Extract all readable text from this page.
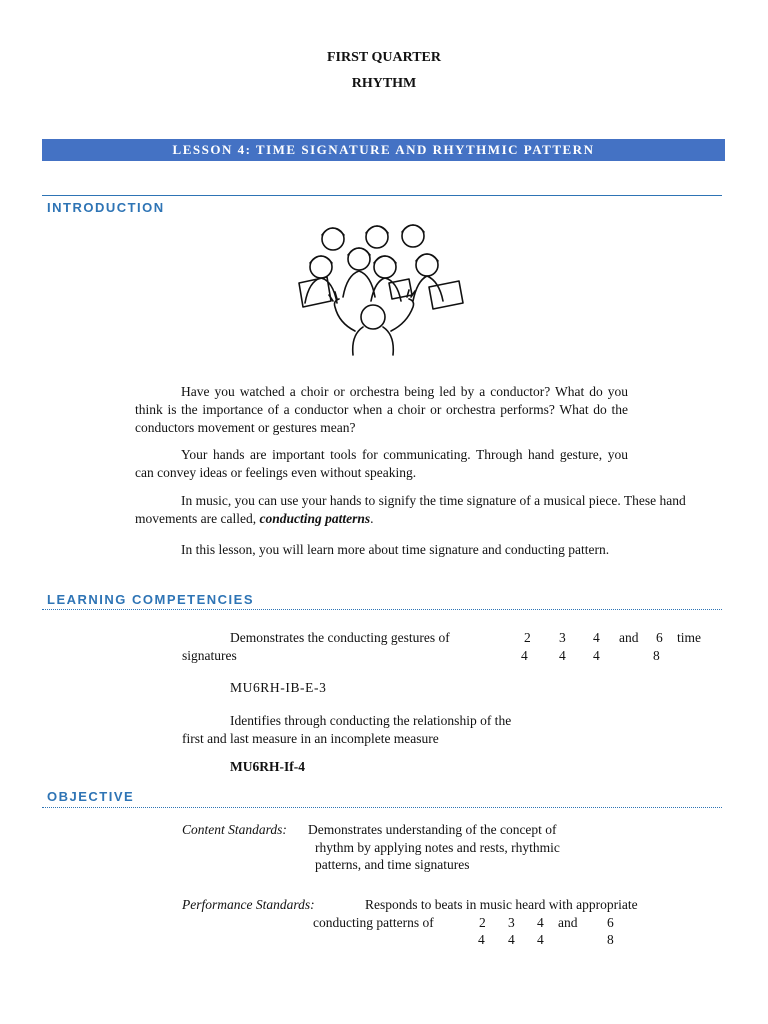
FIRST QUARTER
RHYTHM
LESSON 4: TIME SIGNATURE AND RHYTHMIC PATTERN
INTRODUCTION
Have you watched a choir or orchestra being led by a conductor? What do you think is the importance of a conductor when a choir or orchestra performs? What do the conductors movement or gestures mean?
Your hands are important tools for communicating. Through hand gesture, you can convey ideas or feelings even without speaking.
In music, you can use your hands to signify the time signature of a musical piece. These hand movements are called, conducting patterns.
In this lesson, you will learn more about time signature and conducting pattern.
LEARNING COMPETENCIES
Demonstrates the conducting gestures of
signatures
2 3 4 and 6 time
4 4 4	8
MU6RH-IB-E-3
Identifies through conducting the relationship of the
first and last measure in an incomplete measure
MU6RH-If-4
OBJECTIVE
Content Standards: Demonstrates understanding of the concept of
rhythm by applying notes and rests, rhythmic
patterns, and time signatures
Performance Standards:	Responds to beats in music heard with appropriate
conducting patterns of	2 3 4 and 6
4 4 4	8
